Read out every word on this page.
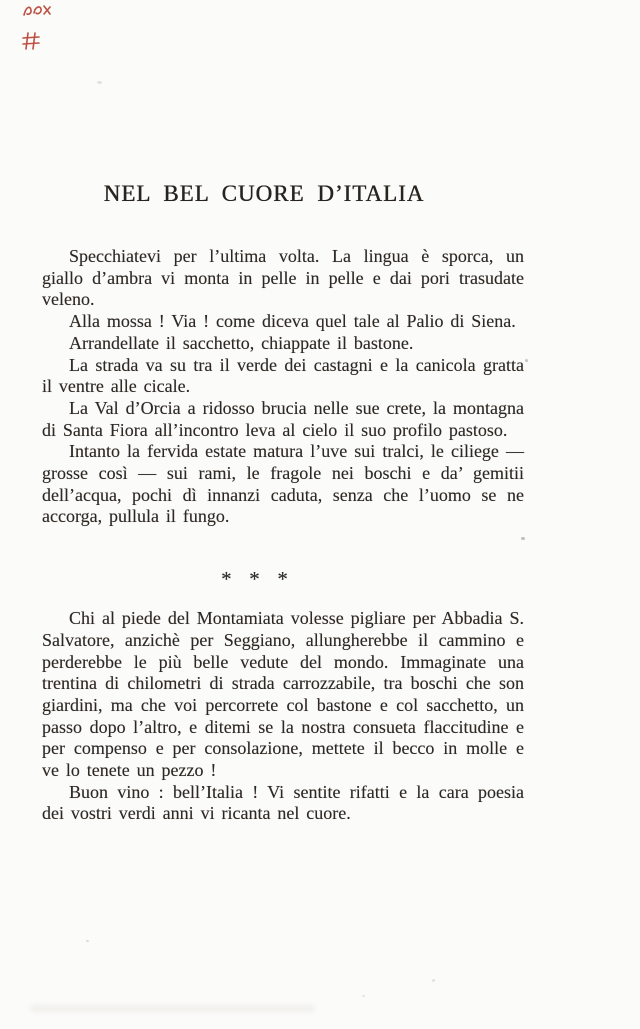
NEL BEL CUORE D’ITALIA

Specchiatevi per l’ultima volta. La lingua è sporca, un giallo d’ambra vi monta in pelle in pelle e dai pori trasudate veleno.

Alla mossa ! Via ! come diceva quel tale al Palio di Siena.

Arrandellate il sacchetto, chiappate il bastone.

La strada va su tra il verde dei castagni e la canicola gratta il ventre alle cicale.

La Val d’Orcia a ridosso brucia nelle sue crete, la montagna di Santa Fiora all’incontro leva al cielo il suo profilo pastoso.

Intanto la fervida estate matura l’uve sui tralci, le ciliege — grosse così — sui rami, le fragole nei boschi e da’ gemitii dell’acqua, pochi dì innanzi caduta, senza che l’uomo se ne accorga, pullula il fungo.

* * *

Chi al piede del Montamiata volesse pigliare per Abbadia S. Salvatore, anzichè per Seggiano, allungherebbe il cammino e perderebbe le più belle vedute del mondo. Immaginate una trentina di chilometri di strada carrozzabile, tra boschi che son giardini, ma che voi percorrete col bastone e col sacchetto, un passo dopo l’altro, e ditemi se la nostra consueta flaccitudine e per compenso e per consolazione, mettete il becco in molle e ve lo tenete un pezzo !

Buon vino : bell’Italia ! Vi sentite rifatti e la cara poesia dei vostri verdi anni vi ricanta nel cuore.
